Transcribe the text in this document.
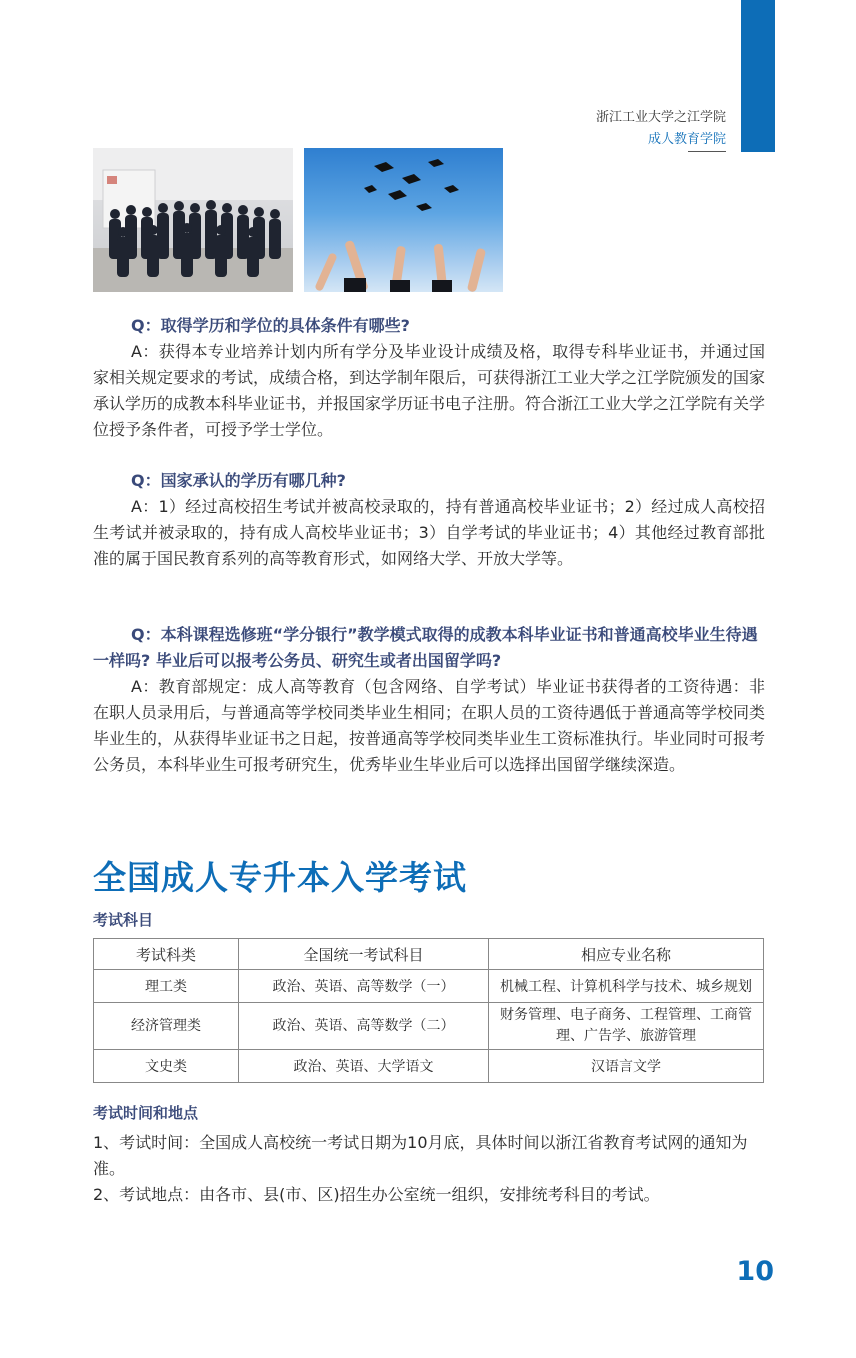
浙江工业大学之江学院
成人教育学院

Q：取得学历和学位的具体条件有哪些?

A：获得本专业培养计划内所有学分及毕业设计成绩及格，取得专科毕业证书，并通过国家相关规定要求的考试，成绩合格，到达学制年限后，可获得浙江工业大学之江学院颁发的国家承认学历的成教本科毕业证书，并报国家学历证书电子注册。符合浙江工业大学之江学院有关学位授予条件者，可授予学士学位。

Q：国家承认的学历有哪几种?

A：1）经过高校招生考试并被高校录取的，持有普通高校毕业证书；2）经过成人高校招生考试并被录取的，持有成人高校毕业证书；3）自学考试的毕业证书；4）其他经过教育部批准的属于国民教育系列的高等教育形式，如网络大学、开放大学等。

Q：本科课程选修班“学分银行”教学模式取得的成教本科毕业证书和普通高校毕业生待遇一样吗? 毕业后可以报考公务员、研究生或者出国留学吗?

A：教育部规定：成人高等教育（包含网络、自学考试）毕业证书获得者的工资待遇：非在职人员录用后，与普通高等学校同类毕业生相同；在职人员的工资待遇低于普通高等学校同类毕业生的，从获得毕业证书之日起，按普通高等学校同类毕业生工资标准执行。毕业同时可报考公务员，本科毕业生可报考研究生，优秀毕业生毕业后可以选择出国留学继续深造。

全国成人专升本入学考试
考试科目
考试科类	全国统一考试科目	相应专业名称
理工类	政治、英语、高等数学（一）	机械工程、计算机科学与技术、城乡规划
经济管理类	政治、英语、高等数学（二）	财务管理、电子商务、工程管理、工商管理、广告学、旅游管理
文史类	政治、英语、大学语文	汉语言文学
考试时间和地点
1、考试时间：全国成人高校统一考试日期为10月底，具体时间以浙江省教育考试网的通知为准。
2、考试地点：由各市、县(市、区)招生办公室统一组织，安排统考科目的考试。
10
